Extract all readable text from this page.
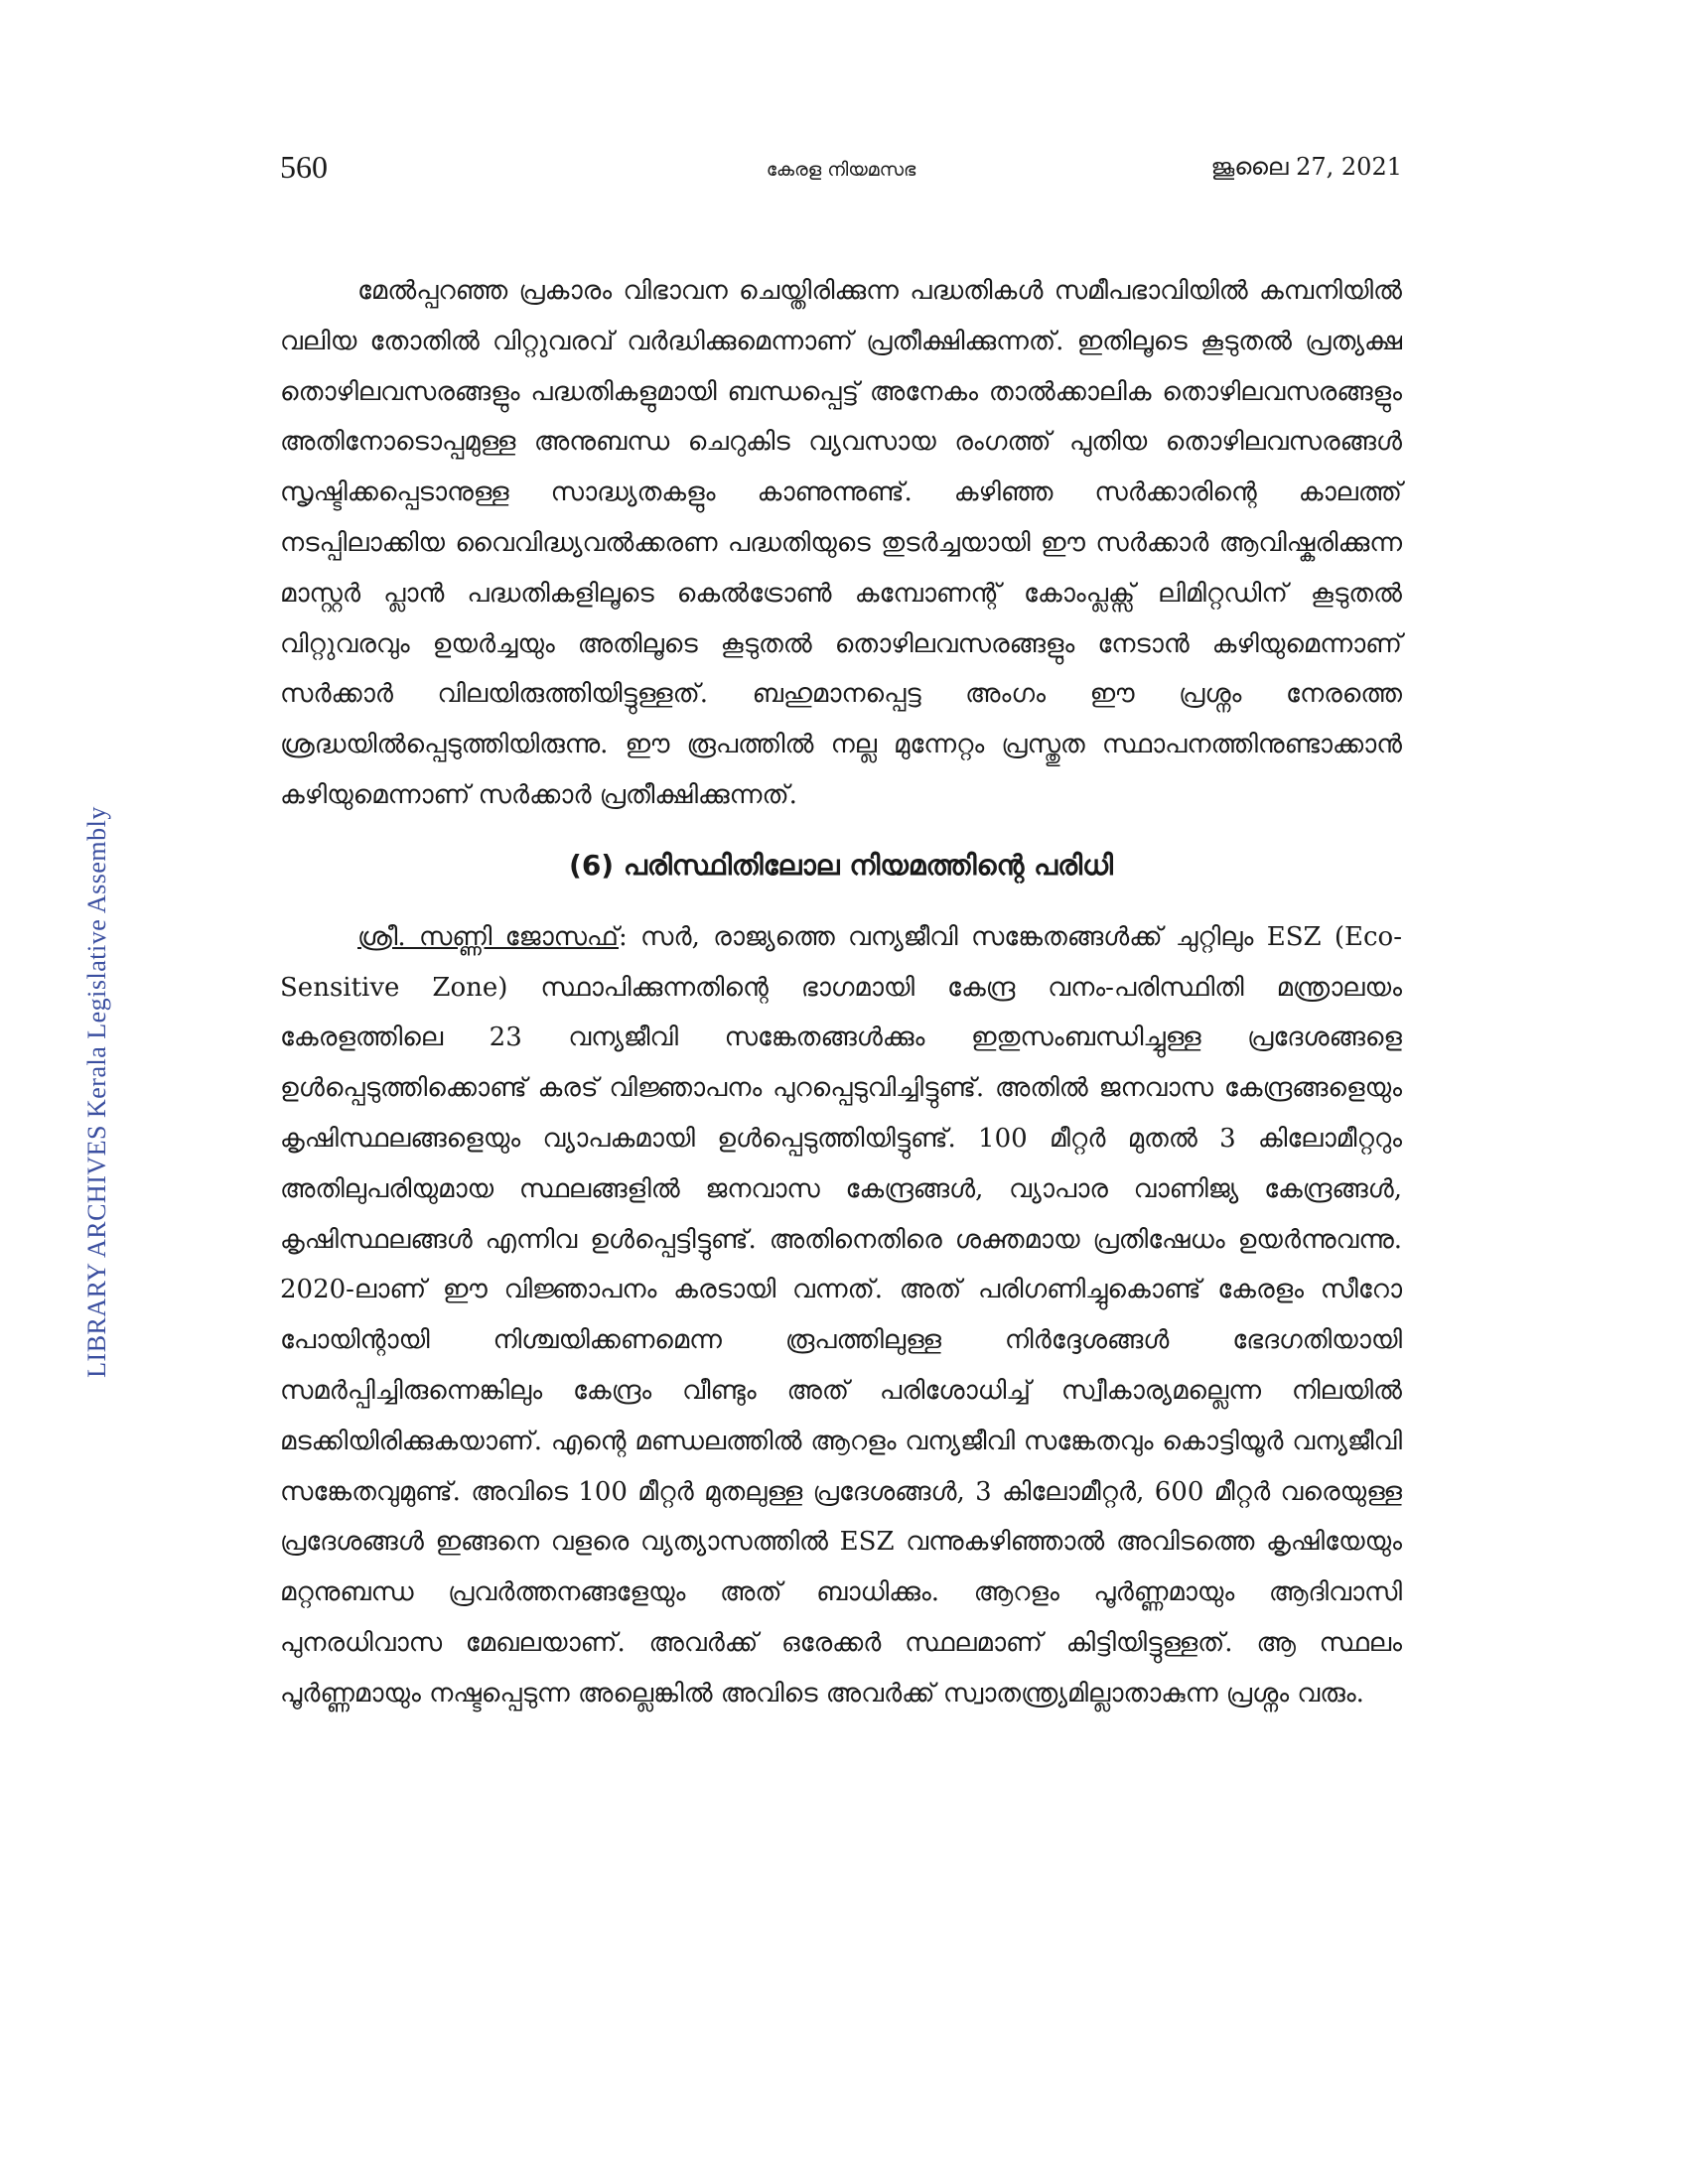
LIBRARY ARCHIVES Kerala Legislative Assembly
560	കേരള നിയമസഭ	ജൂലൈ 27, 2021

മേൽപ്പറഞ്ഞ പ്രകാരം വിഭാവന ചെയ്തിരിക്കുന്ന പദ്ധതികൾ സമീപഭാവിയിൽ കമ്പനിയിൽ വലിയ തോതിൽ വിറ്റുവരവ് വർദ്ധിക്കുമെന്നാണ് പ്രതീക്ഷിക്കുന്നത്. ഇതിലൂടെ കൂടുതൽ പ്രത്യക്ഷ തൊഴിലവസരങ്ങളും പദ്ധതികളുമായി ബന്ധപ്പെട്ട് അനേകം താൽക്കാലിക തൊഴിലവസരങ്ങളും അതിനോടൊപ്പമുള്ള അനുബന്ധ ചെറുകിട വ്യവസായ രംഗത്ത് പുതിയ തൊഴിലവസരങ്ങൾ സൃഷ്ടിക്കപ്പെടാനുള്ള സാദ്ധ്യതകളും കാണുന്നുണ്ട്. കഴിഞ്ഞ സർക്കാരിന്റെ കാലത്ത് നടപ്പിലാക്കിയ വൈവിദ്ധ്യവൽക്കരണ പദ്ധതിയുടെ തുടർച്ചയായി ഈ സർക്കാർ ആവിഷ്കരിക്കുന്ന മാസ്റ്റർ പ്ലാൻ പദ്ധതികളിലൂടെ കെൽട്രോൺ കമ്പോണന്റ് കോംപ്ലക്സ് ലിമിറ്റഡിന് കൂടുതൽ വിറ്റുവരവും ഉയർച്ചയും അതിലൂടെ കൂടുതൽ തൊഴിലവസരങ്ങളും നേടാൻ കഴിയുമെന്നാണ് സർക്കാർ വിലയിരുത്തിയിട്ടുള്ളത്. ബഹുമാനപ്പെട്ട അംഗം ഈ പ്രശ്നം നേരത്തെ ശ്രദ്ധയിൽപ്പെടുത്തിയിരുന്നു. ഈ രൂപത്തിൽ നല്ല മുന്നേറ്റം പ്രസ്തുത സ്ഥാപനത്തിനുണ്ടാക്കാൻ കഴിയുമെന്നാണ് സർക്കാർ പ്രതീക്ഷിക്കുന്നത്.

(6) പരിസ്ഥിതിലോല നിയമത്തിന്റെ പരിധി

ശ്രീ. സണ്ണി ജോസഫ്: സർ, രാജ്യത്തെ വന്യജീവി സങ്കേതങ്ങൾക്ക് ചുറ്റിലും ESZ (Eco-Sensitive Zone) സ്ഥാപിക്കുന്നതിന്റെ ഭാഗമായി കേന്ദ്ര വനം-പരിസ്ഥിതി മന്ത്രാലയം കേരളത്തിലെ 23 വന്യജീവി സങ്കേതങ്ങൾക്കും ഇതുസംബന്ധിച്ചുള്ള പ്രദേശങ്ങളെ ഉൾപ്പെടുത്തിക്കൊണ്ട് കരട് വിജ്ഞാപനം പുറപ്പെടുവിച്ചിട്ടുണ്ട്. അതിൽ ജനവാസ കേന്ദ്രങ്ങളെയും കൃഷിസ്ഥലങ്ങളെയും വ്യാപകമായി ഉൾപ്പെടുത്തിയിട്ടുണ്ട്. 100 മീറ്റർ മുതൽ 3 കിലോമീറ്ററും അതിലുപരിയുമായ സ്ഥലങ്ങളിൽ ജനവാസ കേന്ദ്രങ്ങൾ, വ്യാപാര വാണിജ്യ കേന്ദ്രങ്ങൾ, കൃഷിസ്ഥലങ്ങൾ എന്നിവ ഉൾപ്പെട്ടിട്ടുണ്ട്. അതിനെതിരെ ശക്തമായ പ്രതിഷേധം ഉയർന്നുവന്നു. 2020-ലാണ് ഈ വിജ്ഞാപനം കരടായി വന്നത്. അത് പരിഗണിച്ചുകൊണ്ട് കേരളം സീറോ പോയിന്റായി നിശ്ചയിക്കണമെന്ന രൂപത്തിലുള്ള നിർദ്ദേശങ്ങൾ ഭേദഗതിയായി സമർപ്പിച്ചിരുന്നെങ്കിലും കേന്ദ്രം വീണ്ടും അത് പരിശോധിച്ച് സ്വീകാര്യമല്ലെന്ന നിലയിൽ മടക്കിയിരിക്കുകയാണ്. എന്റെ മണ്ഡലത്തിൽ ആറളം വന്യജീവി സങ്കേതവും കൊട്ടിയൂർ വന്യജീവി സങ്കേതവുമുണ്ട്. അവിടെ 100 മീറ്റർ മുതലുള്ള പ്രദേശങ്ങൾ, 3 കിലോമീറ്റർ, 600 മീറ്റർ വരെയുള്ള പ്രദേശങ്ങൾ ഇങ്ങനെ വളരെ വ്യത്യാസത്തിൽ ESZ വന്നുകഴിഞ്ഞാൽ അവിടത്തെ കൃഷിയേയും മറ്റനുബന്ധ പ്രവർത്തനങ്ങളേയും അത് ബാധിക്കും. ആറളം പൂർണ്ണമായും ആദിവാസി പുനരധിവാസ മേഖലയാണ്. അവർക്ക് ഒരേക്കർ സ്ഥലമാണ് കിട്ടിയിട്ടുള്ളത്. ആ സ്ഥലം പൂർണ്ണമായും നഷ്ടപ്പെടുന്ന അല്ലെങ്കിൽ അവിടെ അവർക്ക് സ്വാതന്ത്ര്യമില്ലാതാകുന്ന പ്രശ്നം വരും.
